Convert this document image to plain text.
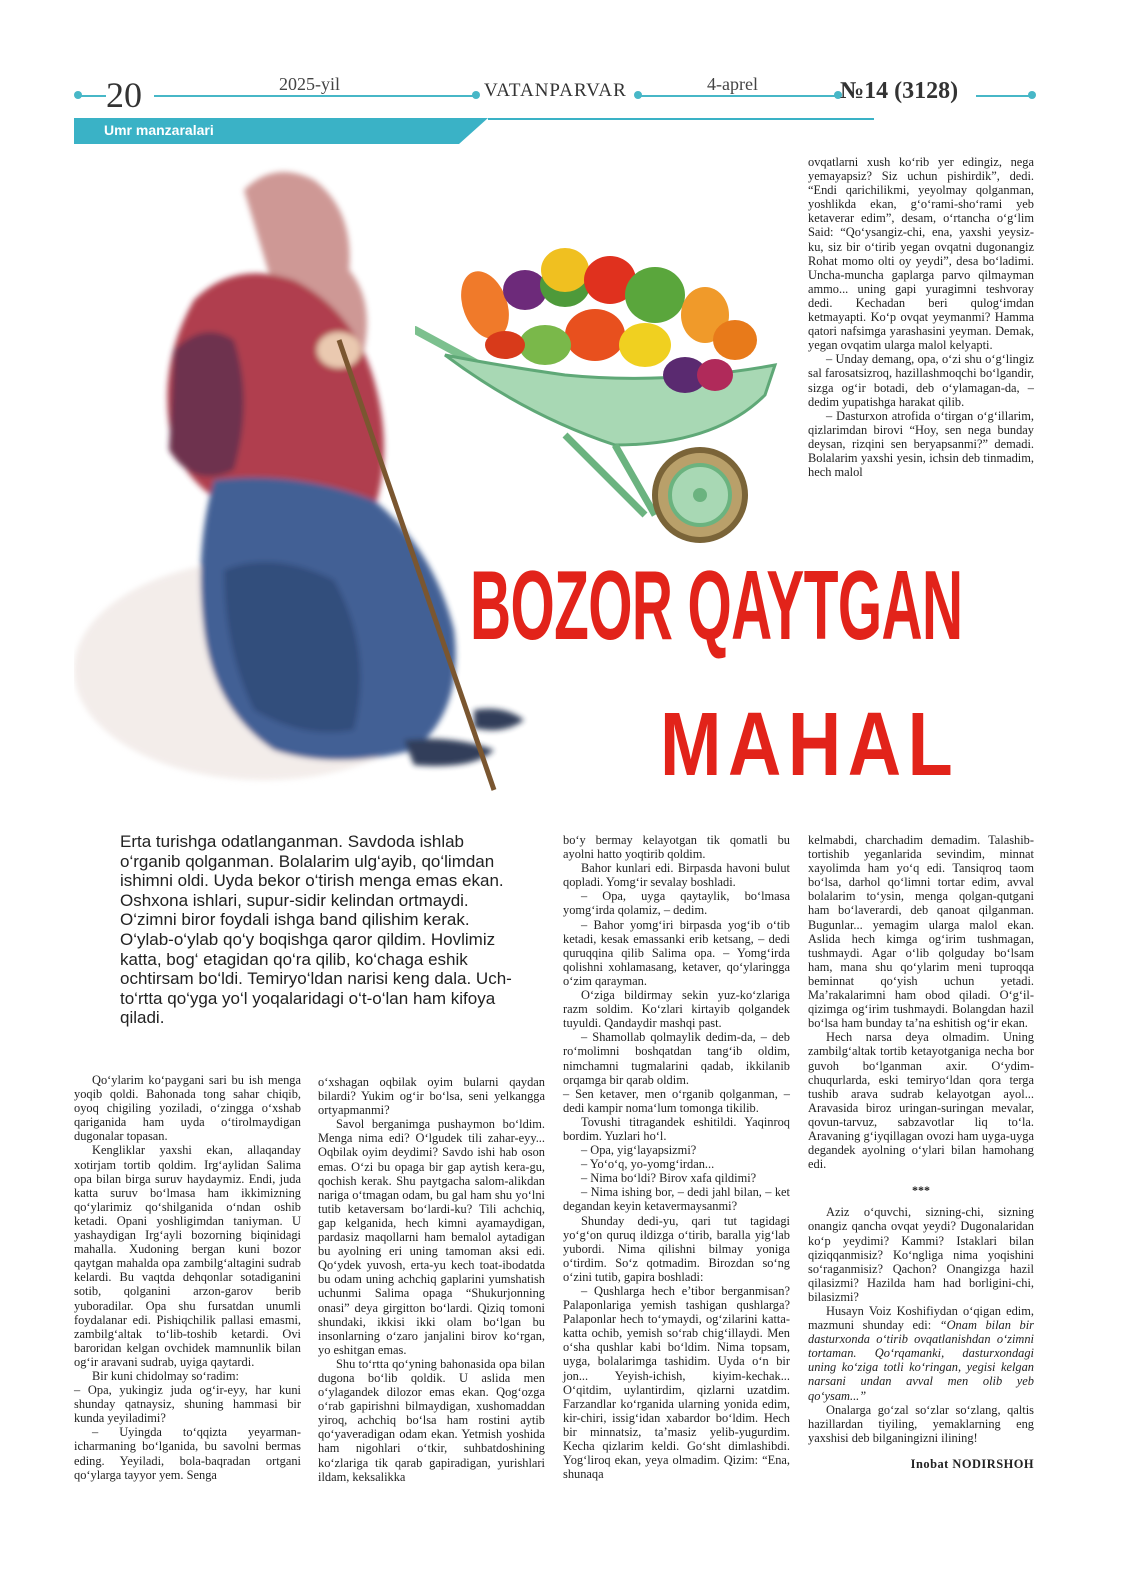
20	2025-yil	VATANPARVAR	4-aprel	№14 (3128)
Umr manzaralari
BOZOR QAYTGAN
MAHAL

ovqatlarni xush ko‘rib yer edingiz, nega yemayapsiz? Siz uchun pishirdik”, dedi. “Endi qarichilikmi, yeyolmay qolganman, yoshlikda ekan, g‘o‘rami-sho‘rami yeb ketaverar edim”, desam, o‘rtancha o‘g‘lim Said: “Qo‘ysangiz-chi, ena, yaxshi yeysiz-ku, siz bir o‘tirib yegan ovqatni dugonangiz Rohat momo olti oy yeydi”, desa bo‘ladimi. Uncha-muncha gaplarga parvo qilmayman ammo... uning gapi yuragimni teshvoray dedi. Kechadan beri qulog‘imdan ketmayapti. Ko‘p ovqat yeymanmi? Hamma qatori nafsimga yarashasini yeyman. Demak, yegan ovqatim ularga malol kelyapti.

– Unday demang, opa, o‘zi shu o‘g‘lingiz sal farosatsizroq, hazillashmoqchi bo‘lgandir, sizga og‘ir botadi, deb o‘ylamagan-da, – dedim yupatishga harakat qilib.

– Dasturxon atrofida o‘tirgan o‘g‘illarim, qizlarimdan birovi “Hoy, sen nega bunday deysan, rizqini sen beryapsanmi?” demadi. Bolalarim yaxshi yesin, ichsin deb tinmadim, hech malol

Erta turishga odatlanganman. Savdoda ishlab o‘rganib qolganman. Bolalarim ulg‘ayib, qo‘limdan ishimni oldi. Uyda bekor o‘tirish menga emas ekan. Oshxona ishlari, supur-sidir kelindan ortmaydi. O‘zimni biror foydali ishga band qilishim kerak. O‘ylab-o‘ylab qo‘y boqishga qaror qildim. Hovlimiz katta, bog‘ etagidan qo‘ra qilib, ko‘chaga eshik ochtirsam bo‘ldi. Temiryo‘ldan narisi keng dala. Uch-to‘rtta qo‘yga yo‘l yoqalaridagi o‘t-o‘lan ham kifoya qiladi.

Qo‘ylarim ko‘paygani sari bu ish menga yoqib qoldi. Bahonada tong sahar chiqib, oyoq chigiling yoziladi, o‘zingga o‘xshab qariganida ham uyda o‘tirolmaydigan dugonalar topasan.

Kengliklar yaxshi ekan, allaqanday xotirjam tortib qoldim. Irg‘aylidan Salima opa bilan birga suruv haydaymiz. Endi, juda katta suruv bo‘lmasa ham ikkimizning qo‘ylarimiz qo‘shilganida o‘ndan oshib ketadi. Opani yoshligimdan taniyman. U yashaydigan Irg‘ayli bozorning biqinidagi mahalla. Xudoning bergan kuni bozor qaytgan mahalda opa zambilg‘altagini sudrab kelardi. Bu vaqtda dehqonlar sotadiganini sotib, qolganini arzon-garov berib yuboradilar. Opa shu fursatdan unumli foydalanar edi. Pishiqchilik pallasi emasmi, zambilg‘altak to‘lib-toshib ketardi. Ovi baroridan kelgan ovchidek mamnunlik bilan og‘ir aravani sudrab, uyiga qaytardi.

Bir kuni chidolmay so‘radim:

– Opa, yukingiz juda og‘ir-eyy, har kuni shunday qatnaysiz, shuning hammasi bir kunda yeyiladimi?

– Uyingda to‘qqizta yeyarman-icharmaning bo‘lganida, bu savolni bermas eding. Yeyiladi, bola-baqradan ortgani qo‘ylarga tayyor yem. Senga

o‘xshagan oqbilak oyim bularni qaydan bilardi? Yukim og‘ir bo‘lsa, seni yelkangga ortyapmanmi?

Savol berganimga pushaymon bo‘ldim. Menga nima edi? O‘lgudek tili zahar-eyy... Oqbilak oyim deydimi? Savdo ishi hab oson emas. O‘zi bu opaga bir gap aytish kera-gu, qochish kerak. Shu paytgacha salom-alikdan nariga o‘tmagan odam, bu gal ham shu yo‘lni tutib ketaversam bo‘lardi-ku? Tili achchiq, gap kelganida, hech kimni ayamaydigan, pardasiz maqollarni ham bemalol aytadigan bu ayolning eri uning tamoman aksi edi. Qo‘ydek yuvosh, erta-yu kech toat-ibodatda bu odam uning achchiq gaplarini yumshatish uchunmi Salima opaga “Shukurjonning onasi” deya girgitton bo‘lardi. Qiziq tomoni shundaki, ikkisi ikki olam bo‘lgan bu insonlarning o‘zaro janjalini birov ko‘rgan, yo eshitgan emas.

Shu to‘rtta qo‘yning bahonasida opa bilan dugona bo‘lib qoldik. U aslida men o‘ylagandek dilozor emas ekan. Qog‘ozga o‘rab gapirishni bilmaydigan, xushomaddan yiroq, achchiq bo‘lsa ham rostini aytib qo‘yaveradigan odam ekan. Yetmish yoshida ham nigohlari o‘tkir, suhbatdoshining ko‘zlariga tik qarab gapiradigan, yurishlari ildam, keksalikka

bo‘y bermay kelayotgan tik qomatli bu ayolni hatto yoqtirib qoldim.

Bahor kunlari edi. Birpasda havoni bulut qopladi. Yomg‘ir sevalay boshladi.

– Opa, uyga qaytaylik, bo‘lmasa yomg‘irda qolamiz, – dedim.

– Bahor yomg‘iri birpasda yog‘ib o‘tib ketadi, kesak emassanki erib ketsang, – dedi quruqqina qilib Salima opa. – Yomg‘irda qolishni xohlamasang, ketaver, qo‘ylaringga o‘zim qarayman.

O‘ziga bildirmay sekin yuz-ko‘zlariga razm soldim. Ko‘zlari kirtayib qolgandek tuyuldi. Qandaydir mashqi past.

– Shamollab qolmaylik dedim-da, – deb ro‘molimni boshqatdan tang‘ib oldim, nimchamni tugmalarini qadab, ikkilanib orqamga bir qarab oldim.

– Sen ketaver, men o‘rganib qolganman, – dedi kampir noma‘lum tomonga tikilib.

Tovushi titragandek eshitildi. Yaqinroq bordim. Yuzlari ho‘l.

– Opa, yig‘layapsizmi?

– Yo‘o‘q, yo-yomg‘irdan...

– Nima bo‘ldi? Birov xafa qildimi?

– Nima ishing bor, – dedi jahl bilan, – ket degandan keyin ketavermaysanmi?

Shunday dedi-yu, qari tut tagidagi yo‘g‘on quruq ildizga o‘tirib, baralla yig‘lab yubordi. Nima qilishni bilmay yoniga o‘tirdim. So‘z qotmadim. Birozdan so‘ng o‘zini tutib, gapira boshladi:

– Qushlarga hech e’tibor berganmisan? Palaponlariga yemish tashigan qushlarga? Palaponlar hech to‘ymaydi, og‘zilarini katta-katta ochib, yemish so‘rab chig‘illaydi. Men o‘sha qushlar kabi bo‘ldim. Nima topsam, uyga, bolalarimga tashidim. Uyda o‘n bir jon... Yeyish-ichish, kiyim-kechak... O‘qitdim, uylantirdim, qizlarni uzatdim. Farzandlar ko‘rganida ularning yonida edim, kir-chiri, issig‘idan xabardor bo‘ldim. Hech bir minnatsiz, ta’masiz yelib-yugurdim. Kecha qizlarim keldi. Go‘sht dimlashibdi. Yog‘liroq ekan, yeya olmadim. Qizim: “Ena, shunaqa

kelmabdi, charchadim demadim. Talashib-tortishib yeganlarida sevindim, minnat xayolimda ham yo‘q edi. Tansiqroq taom bo‘lsa, darhol qo‘limni tortar edim, avval bolalarim to‘ysin, menga qolgan-qutgani ham bo‘laverardi, deb qanoat qilganman. Bugunlar... yemagim ularga malol ekan. Aslida hech kimga og‘irim tushmagan, tushmaydi. Agar o‘lib qolguday bo‘lsam ham, mana shu qo‘ylarim meni tuproqqa beminnat qo‘yish uchun yetadi. Ma’rakalarimni ham obod qiladi. O‘g‘il-qizimga og‘irim tushmaydi. Bolangdan hazil bo‘lsa ham bunday ta’na eshitish og‘ir ekan.

Hech narsa deya olmadim. Uning zambilg‘altak tortib ketayotganiga necha bor guvoh bo‘lganman axir. O‘ydim-chuqurlarda, eski temiryo‘ldan qora terga tushib arava sudrab kelayotgan ayol... Aravasida biroz uringan-suringan mevalar, qovun-tarvuz, sabzavotlar liq to‘la. Aravaning g‘iyqillagan ovozi ham uyga-uyga degandek ayolning o‘ylari bilan hamohang edi.

***

Aziz o‘quvchi, sizning-chi, sizning onangiz qancha ovqat yeydi? Dugonalaridan ko‘p yeydimi? Kammi? Istaklari bilan qiziqqanmisiz? Ko‘ngliga nima yoqishini so‘raganmisiz? Qachon? Onangizga hazil qilasizmi? Hazilda ham had borligini-chi, bilasizmi?

Husayn Voiz Koshifiydan o‘qigan edim, mazmuni shunday edi: “Onam bilan bir dasturxonda o‘tirib ovqatlanishdan o‘zimni tortaman. Qo‘rqamanki, dasturxondagi uning ko‘ziga totli ko‘ringan, yegisi kelgan narsani undan avval men olib yeb qo‘ysam...”

Onalarga go‘zal so‘zlar so‘zlang, qaltis hazillardan tiyiling, yemaklarning eng yaxshisi deb bilganingizni ilining!

Inobat NODIRSHOH
